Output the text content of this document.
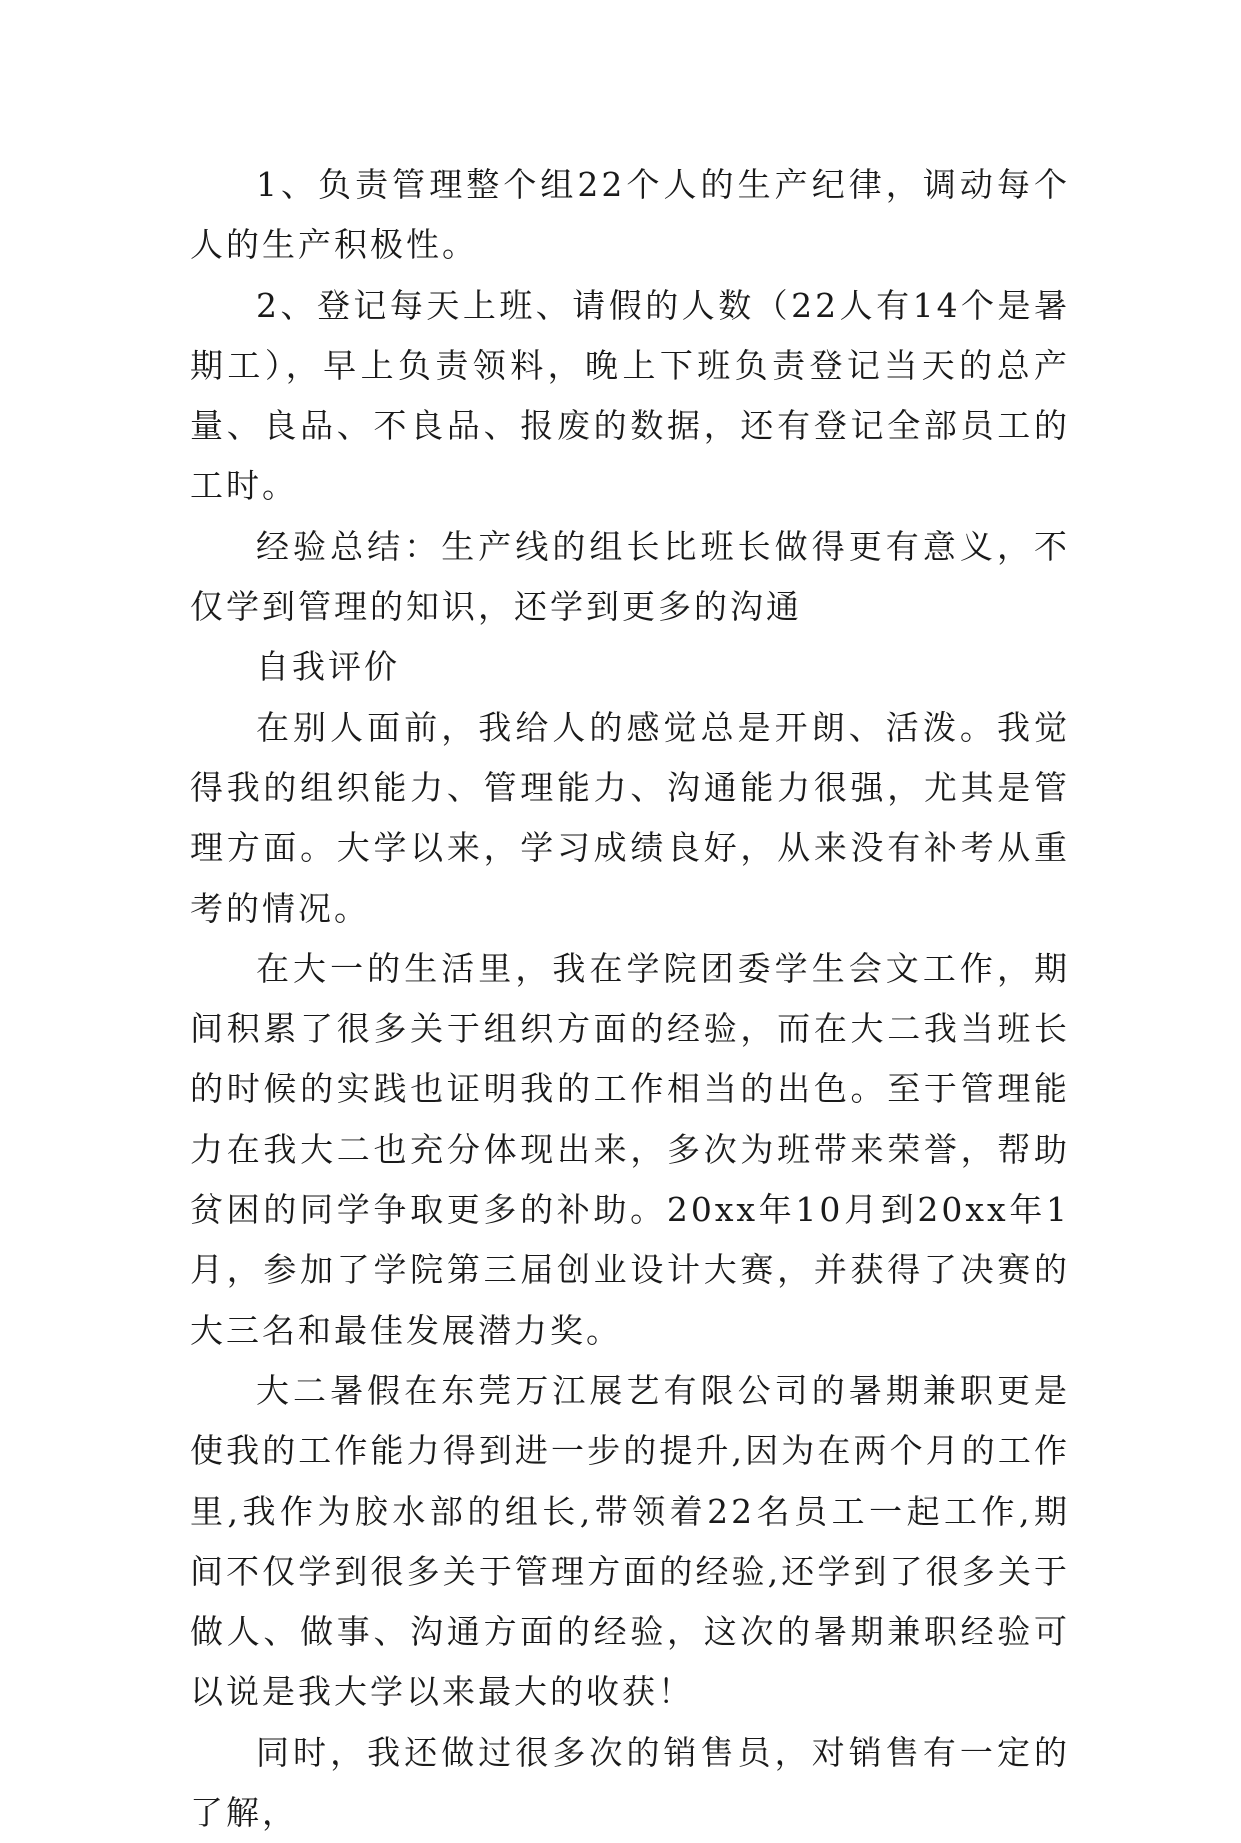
1、负责管理整个组22个人的生产纪律，调动每个人的生产积极性。

2、登记每天上班、请假的人数（22人有14个是暑期工），早上负责领料，晚上下班负责登记当天的总产量、良品、不良品、报废的数据，还有登记全部员工的工时。

经验总结：生产线的组长比班长做得更有意义，不仅学到管理的知识，还学到更多的沟通

自我评价

在别人面前，我给人的感觉总是开朗、活泼。我觉得我的组织能力、管理能力、沟通能力很强，尤其是管理方面。大学以来，学习成绩良好，从来没有补考从重考的情况。

在大一的生活里，我在学院团委学生会文工作，期间积累了很多关于组织方面的经验，而在大二我当班长的时候的实践也证明我的工作相当的出色。至于管理能力在我大二也充分体现出来，多次为班带来荣誉，帮助贫困的同学争取更多的补助。20xx年10月到20xx年1月，参加了学院第三届创业设计大赛，并获得了决赛的大三名和最佳发展潜力奖。

大二暑假在东莞万江展艺有限公司的暑期兼职更是使我的工作能力得到进一步的提升,因为在两个月的工作里,我作为胶水部的组长,带领着22名员工一起工作,期间不仅学到很多关于管理方面的经验,还学到了很多关于做人、做事、沟通方面的经验，这次的暑期兼职经验可以说是我大学以来最大的收获！

同时，我还做过很多次的销售员，对销售有一定的了解，
